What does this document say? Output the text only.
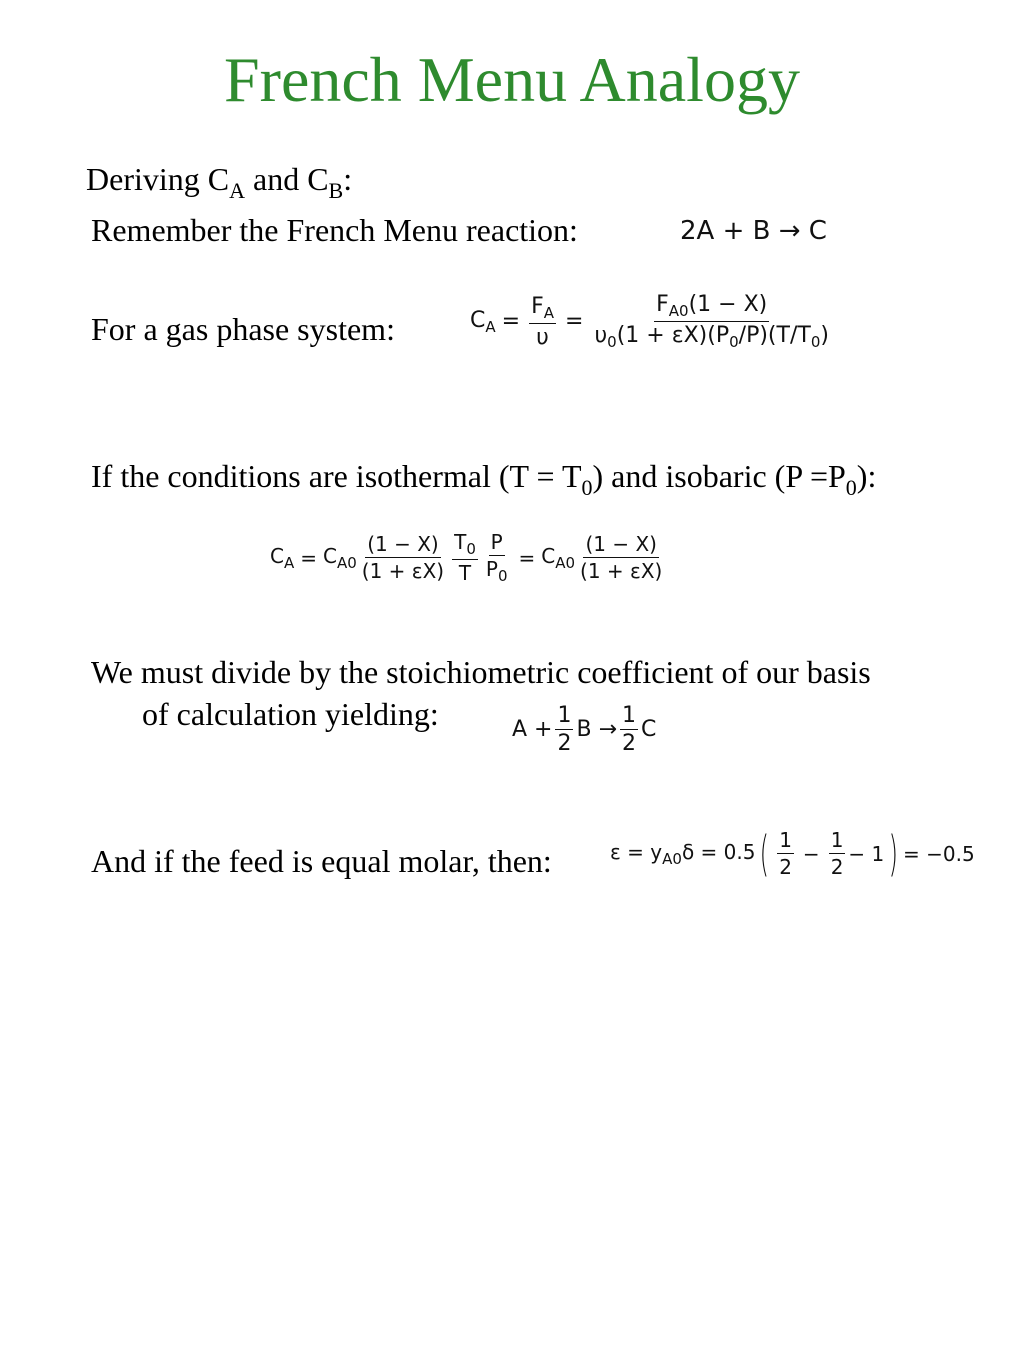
French Menu Analogy
Deriving $C_A$ and $C_B$:
Remember the French Menu reaction:	2A + B → C
For a gas phase system:	$C_A = \frac{F_A}{\upsilon} = \frac{F_{A0}(1 - X)}{\upsilon_0(1 + \varepsilon X)(P_0/P)(T/T_0)}$
If the conditions are isothermal $(T = T_0)$ and isobaric $(P =P_0)$:
$C_A = C_{A0} \frac{(1 - X)}{(1 + \varepsilon X)} \frac{T_0}{T} \frac{P}{P_0} = C_{A0} \frac{(1 - X)}{(1 + \varepsilon X)}$
We must divide by the stoichiometric coefficient of our basis
of calculation yielding:	$A + \frac{1}{2}$ $B \to \frac{1}{2}$ C
And if the feed is equal molar, then:	$\varepsilon = y_{A0}\delta = 0.5$ ( $\frac{1}{2} - \frac{1}{2} - 1$ ) = −0.5
